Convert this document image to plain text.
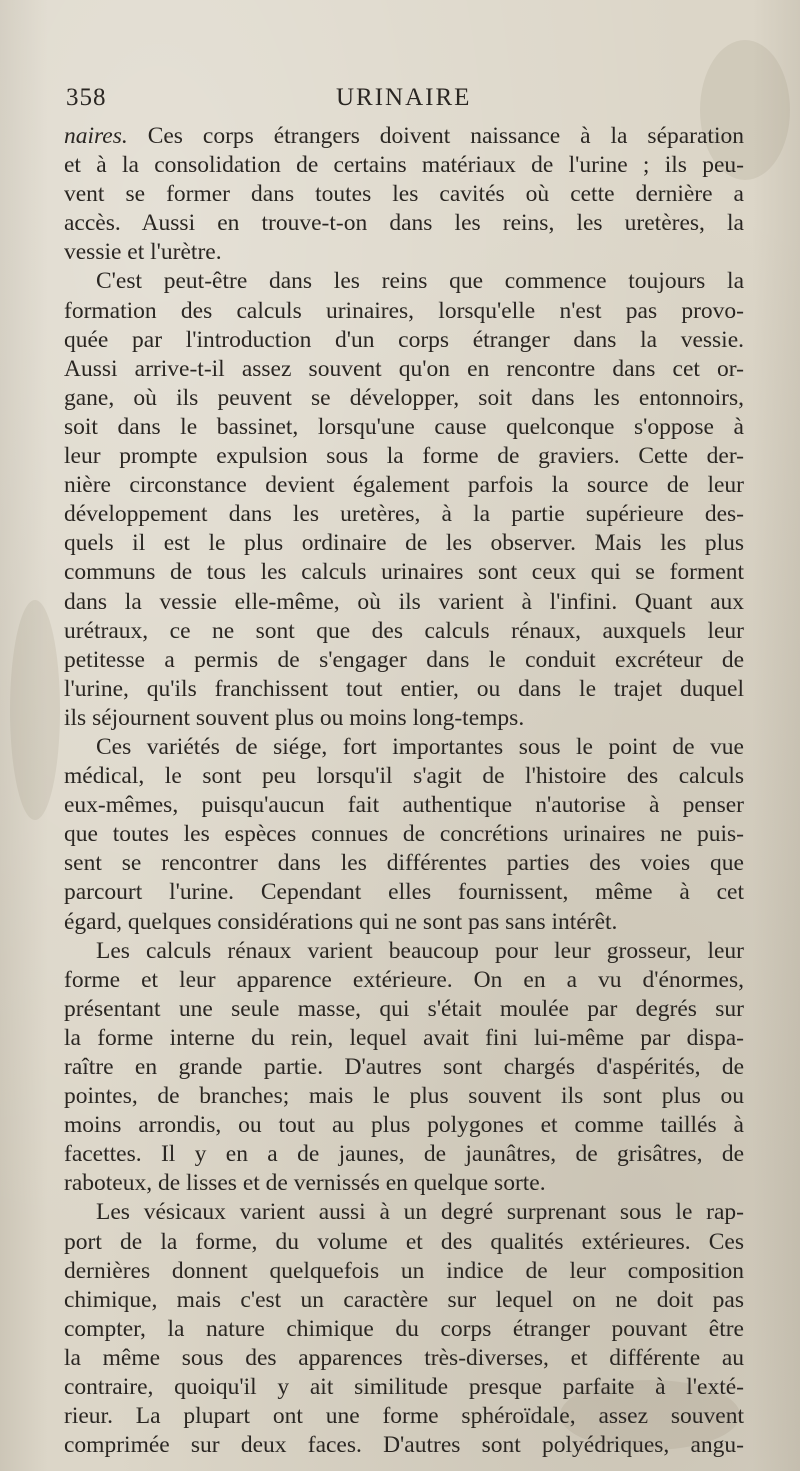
358	URINAIRE
naires. Ces corps étrangers doivent naissance à la séparation
et à la consolidation de certains matériaux de l'urine ; ils peu-
vent se former dans toutes les cavités où cette dernière a
accès. Aussi en trouve-t-on dans les reins, les uretères, la
vessie et l'urètre.
C'est peut-être dans les reins que commence toujours la
formation des calculs urinaires, lorsqu'elle n'est pas provo-
quée par l'introduction d'un corps étranger dans la vessie.
Aussi arrive-t-il assez souvent qu'on en rencontre dans cet or-
gane, où ils peuvent se développer, soit dans les entonnoirs,
soit dans le bassinet, lorsqu'une cause quelconque s'oppose à
leur prompte expulsion sous la forme de graviers. Cette der-
nière circonstance devient également parfois la source de leur
développement dans les uretères, à la partie supérieure des-
quels il est le plus ordinaire de les observer. Mais les plus
communs de tous les calculs urinaires sont ceux qui se forment
dans la vessie elle-même, où ils varient à l'infini. Quant aux
urétraux, ce ne sont que des calculs rénaux, auxquels leur
petitesse a permis de s'engager dans le conduit excréteur de
l'urine, qu'ils franchissent tout entier, ou dans le trajet duquel
ils séjournent souvent plus ou moins long-temps.
Ces variétés de siége, fort importantes sous le point de vue
médical, le sont peu lorsqu'il s'agit de l'histoire des calculs
eux-mêmes, puisqu'aucun fait authentique n'autorise à penser
que toutes les espèces connues de concrétions urinaires ne puis-
sent se rencontrer dans les différentes parties des voies que
parcourt l'urine. Cependant elles fournissent, même à cet
égard, quelques considérations qui ne sont pas sans intérêt.
Les calculs rénaux varient beaucoup pour leur grosseur, leur
forme et leur apparence extérieure. On en a vu d'énormes,
présentant une seule masse, qui s'était moulée par degrés sur
la forme interne du rein, lequel avait fini lui-même par dispa-
raître en grande partie. D'autres sont chargés d'aspérités, de
pointes, de branches; mais le plus souvent ils sont plus ou
moins arrondis, ou tout au plus polygones et comme taillés à
facettes. Il y en a de jaunes, de jaunâtres, de grisâtres, de
raboteux, de lisses et de vernissés en quelque sorte.
Les vésicaux varient aussi à un degré surprenant sous le rap-
port de la forme, du volume et des qualités extérieures. Ces
dernières donnent quelquefois un indice de leur composition
chimique, mais c'est un caractère sur lequel on ne doit pas
compter, la nature chimique du corps étranger pouvant être
la même sous des apparences très-diverses, et différente au
contraire, quoiqu'il y ait similitude presque parfaite à l'exté-
rieur. La plupart ont une forme sphéroïdale, assez souvent
comprimée sur deux faces. D'autres sont polyédriques, angu-
